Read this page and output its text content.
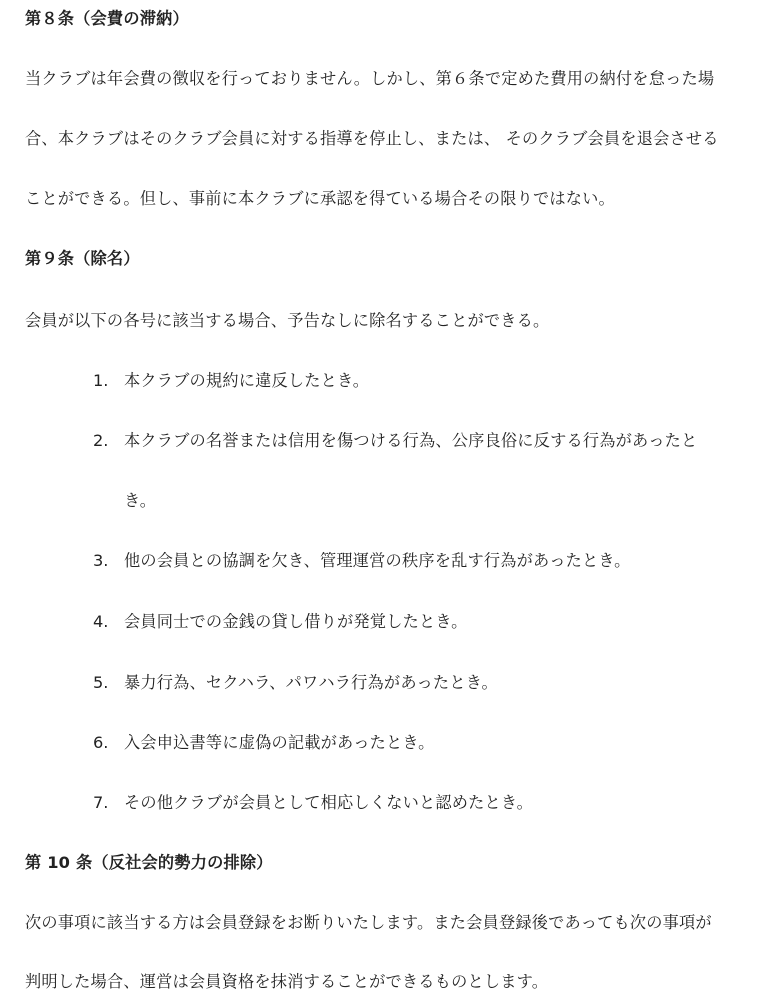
第８条（会費の滞納）
当クラブは年会費の徴収を行っておりません。しかし、第６条で定めた費用の納付を怠った場
合、本クラブはそのクラブ会員に対する指導を停止し、または、 そのクラブ会員を退会させる
ことができる。但し、事前に本クラブに承認を得ている場合その限りではない。
第９条（除名）
会員が以下の各号に該当する場合、予告なしに除名することができる。
1. 本クラブの規約に違反したとき。
2. 本クラブの名誉または信用を傷つける行為、公序良俗に反する行為があったと
き。
3. 他の会員との協調を欠き、管理運営の秩序を乱す行為があったとき。
4. 会員同士での金銭の貸し借りが発覚したとき。
5. 暴力行為、セクハラ、パワハラ行為があったとき。
6. 入会申込書等に虚偽の記載があったとき。
7. その他クラブが会員として相応しくないと認めたとき。
第 10 条（反社会的勢力の排除）
次の事項に該当する方は会員登録をお断りいたします。また会員登録後であっても次の事項が
判明した場合、運営は会員資格を抹消することができるものとします。
